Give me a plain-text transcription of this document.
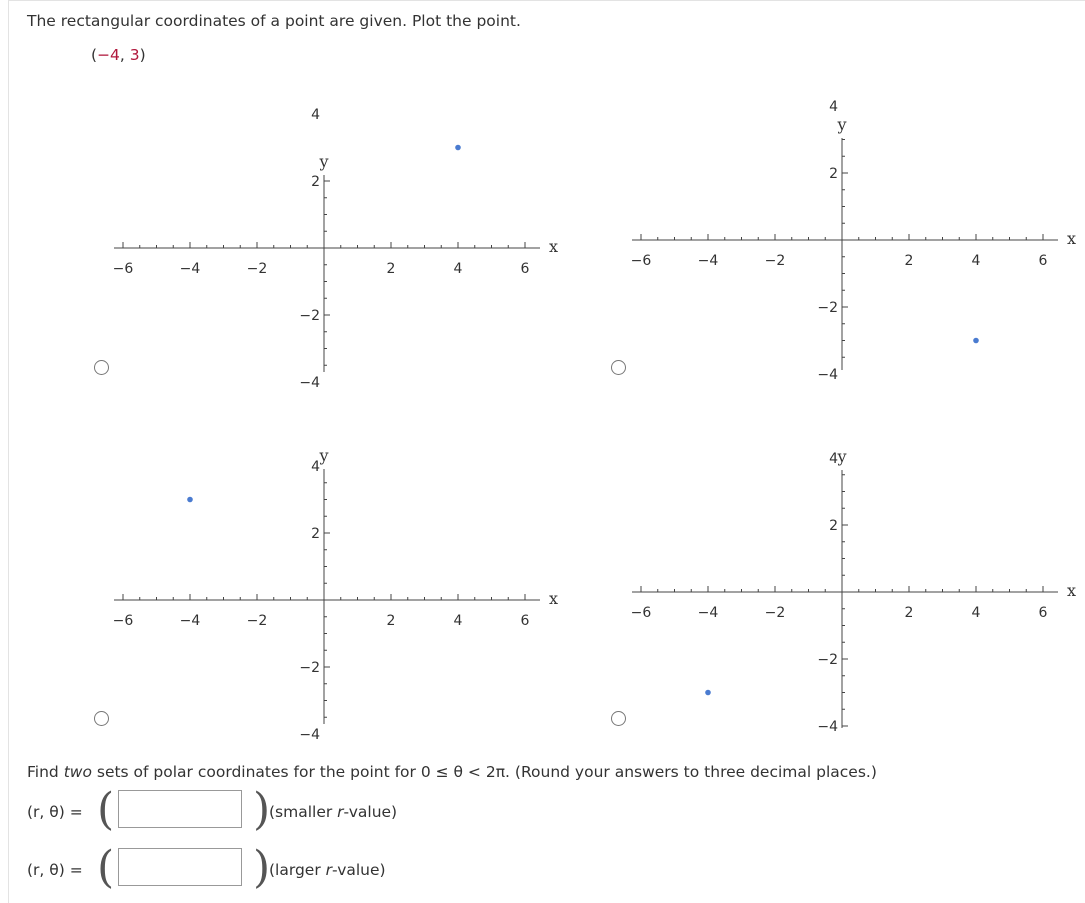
The rectangular coordinates of a point are given. Plot the point.
(−4, 3)
−6	−4	−2	2	4	6
4
2
−2
−4
x
y
−6	−4	−2	2	4	6
4
2
−2
−4
x
y
−6	−4	−2	2	4	6
4
2
−2
−4
x
y
−6	−4	−2	2	4	6
4
2
−2
−4
x
y
Find two sets of polar coordinates for the point for 0 ≤ θ < 2π. (Round your answers to three decimal places.)
(r, θ) = (	)
(smaller r-value)
(r, θ) = (	)
(larger r-value)
